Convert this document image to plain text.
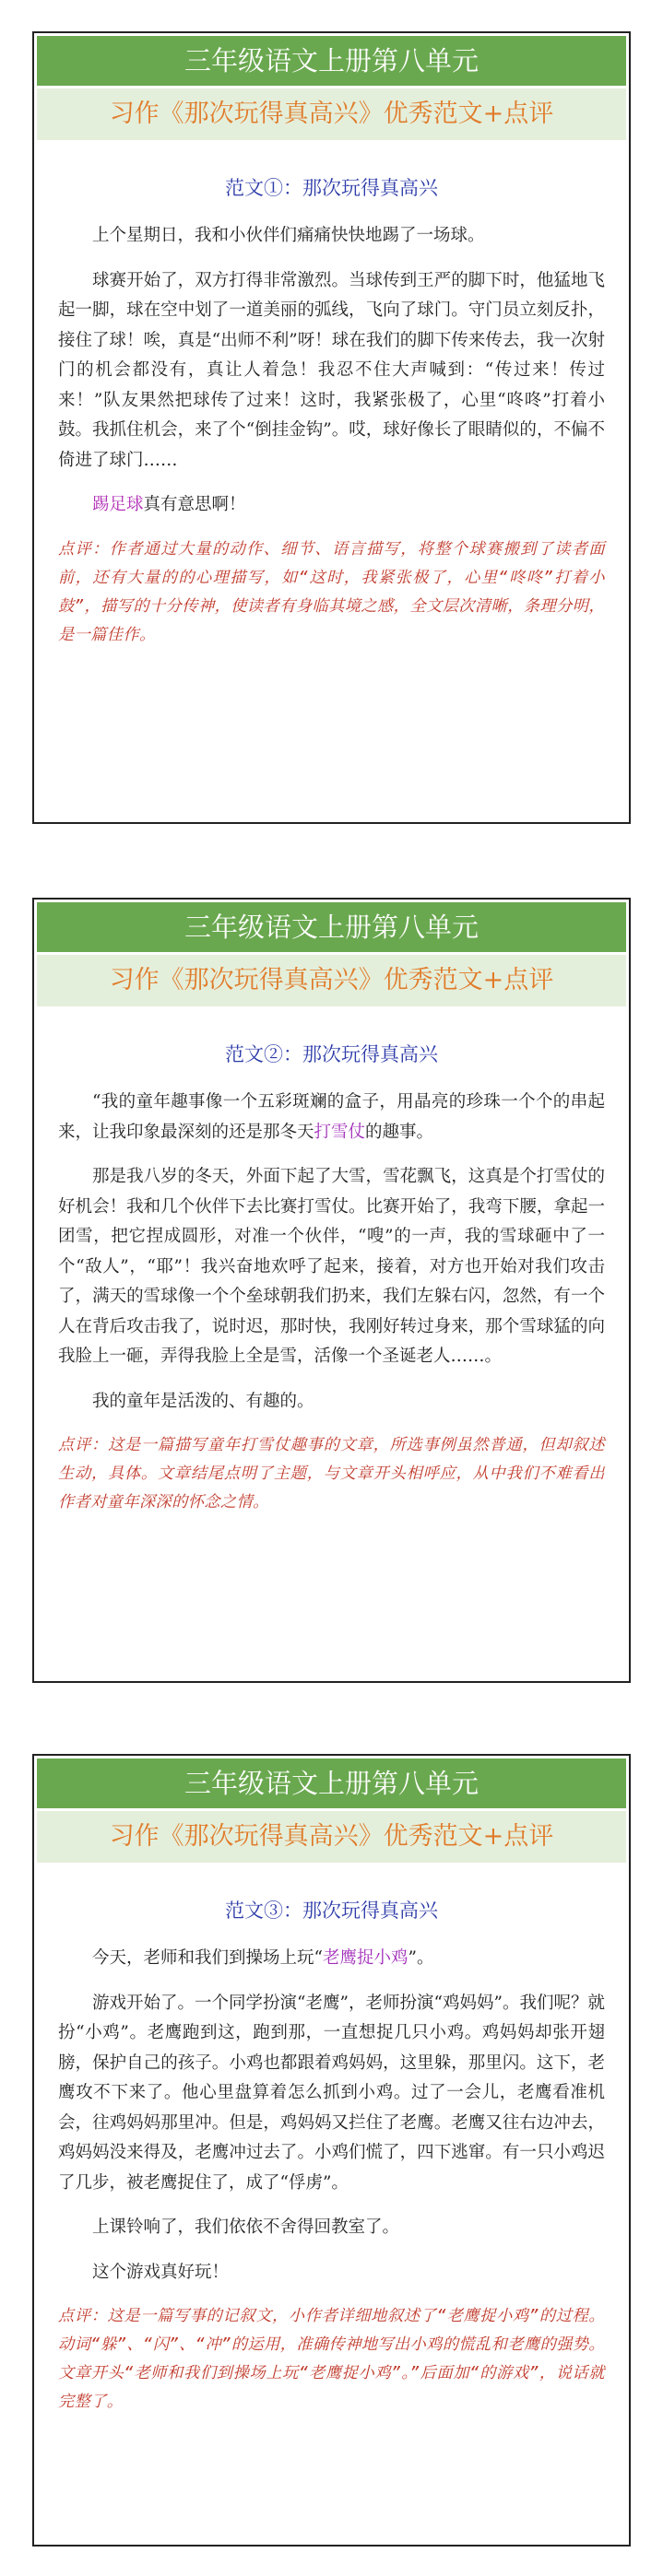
三年级语文上册第八单元
习作《那次玩得真高兴》优秀范文+点评
范文①：那次玩得真高兴

上个星期日，我和小伙伴们痛痛快快地踢了一场球。

球赛开始了，双方打得非常激烈。当球传到王严的脚下时，他猛地飞起一脚，球在空中划了一道美丽的弧线，飞向了球门。守门员立刻反扑，接住了球！唉，真是“出师不利”呀！球在我们的脚下传来传去，我一次射门的机会都没有，真让人着急！我忍不住大声喊到：“传过来！传过来！”队友果然把球传了过来！这时，我紧张极了，心里“咚咚”打着小鼓。我抓住机会，来了个“倒挂金钩”。哎，球好像长了眼睛似的，不偏不倚进了球门……

踢足球真有意思啊！

点评：作者通过大量的动作、细节、语言描写，将整个球赛搬到了读者面前，还有大量的的心理描写，如“这时，我紧张极了，心里“咚咚”打着小鼓”，描写的十分传神，使读者有身临其境之感，全文层次清晰，条理分明，是一篇佳作。

三年级语文上册第八单元
习作《那次玩得真高兴》优秀范文+点评
范文②：那次玩得真高兴

“我的童年趣事像一个五彩斑斓的盒子，用晶亮的珍珠一个个的串起来，让我印象最深刻的还是那冬天打雪仗的趣事。

那是我八岁的冬天，外面下起了大雪，雪花飘飞，这真是个打雪仗的好机会！我和几个伙伴下去比赛打雪仗。比赛开始了，我弯下腰，拿起一团雪，把它捏成圆形，对准一个伙伴，“嗖”的一声，我的雪球砸中了一个“敌人”，“耶”！我兴奋地欢呼了起来，接着，对方也开始对我们攻击了，满天的雪球像一个个垒球朝我们扔来，我们左躲右闪，忽然，有一个人在背后攻击我了，说时迟，那时快，我刚好转过身来，那个雪球猛的向我脸上一砸，弄得我脸上全是雪，活像一个圣诞老人……。

我的童年是活泼的、有趣的。

点评：这是一篇描写童年打雪仗趣事的文章，所选事例虽然普通，但却叙述生动，具体。文章结尾点明了主题，与文章开头相呼应，从中我们不难看出作者对童年深深的怀念之情。

三年级语文上册第八单元
习作《那次玩得真高兴》优秀范文+点评
范文③：那次玩得真高兴

今天，老师和我们到操场上玩“老鹰捉小鸡”。

游戏开始了。一个同学扮演“老鹰”，老师扮演“鸡妈妈”。我们呢？就扮“小鸡”。老鹰跑到这，跑到那，一直想捉几只小鸡。鸡妈妈却张开翅膀，保护自己的孩子。小鸡也都跟着鸡妈妈，这里躲，那里闪。这下，老鹰攻不下来了。他心里盘算着怎么抓到小鸡。过了一会儿，老鹰看准机会，往鸡妈妈那里冲。但是，鸡妈妈又拦住了老鹰。老鹰又往右边冲去，鸡妈妈没来得及，老鹰冲过去了。小鸡们慌了，四下逃窜。有一只小鸡迟了几步，被老鹰捉住了，成了“俘虏”。

上课铃响了，我们依依不舍得回教室了。

这个游戏真好玩！

点评：这是一篇写事的记叙文，小作者详细地叙述了“老鹰捉小鸡”的过程。动词“躲”、“闪”、“冲”的运用，准确传神地写出小鸡的慌乱和老鹰的强势。文章开头“老师和我们到操场上玩“老鹰捉小鸡”。”后面加“的游戏”，说话就完整了。
